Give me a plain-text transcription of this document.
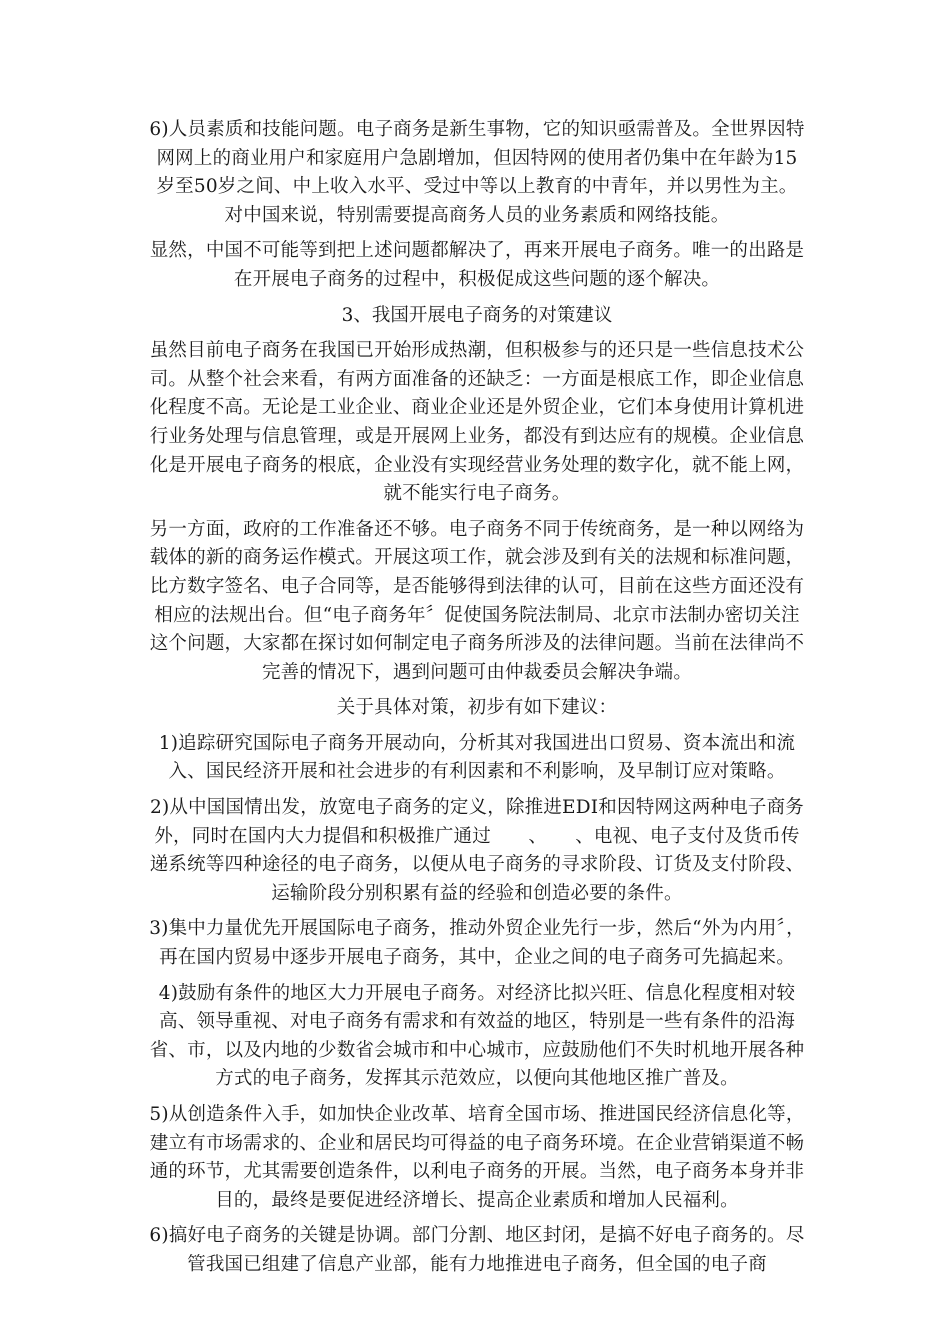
6)人员素质和技能问题。电子商务是新生事物，它的知识亟需普及。全世界因特网网上的商业用户和家庭用户急剧增加，但因特网的使用者仍集中在年龄为15岁至50岁之间、中上收入水平、受过中等以上教育的中青年，并以男性为主。对中国来说，特别需要提高商务人员的业务素质和网络技能。

显然，中国不可能等到把上述问题都解决了，再来开展电子商务。唯一的出路是在开展电子商务的过程中，积极促成这些问题的逐个解决。

3、我国开展电子商务的对策建议

虽然目前电子商务在我国已开始形成热潮，但积极参与的还只是一些信息技术公司。从整个社会来看，有两方面准备的还缺乏：一方面是根底工作，即企业信息化程度不高。无论是工业企业、商业企业还是外贸企业，它们本身使用计算机进行业务处理与信息管理，或是开展网上业务，都没有到达应有的规模。企业信息化是开展电子商务的根底，企业没有实现经营业务处理的数字化，就不能上网，就不能实行电子商务。

另一方面，政府的工作准备还不够。电子商务不同于传统商务，是一种以网络为载体的新的商务运作模式。开展这项工作，就会涉及到有关的法规和标准问题，比方数字签名、电子合同等，是否能够得到法律的认可，目前在这些方面还没有相应的法规出台。但“电子商务年〞促使国务院法制局、北京市法制办密切关注这个问题，大家都在探讨如何制定电子商务所涉及的法律问题。当前在法律尚不完善的情况下，遇到问题可由仲裁委员会解决争端。

关于具体对策，初步有如下建议：

1)追踪研究国际电子商务开展动向，分析其对我国进出口贸易、资本流出和流入、国民经济开展和社会进步的有利因素和不利影响，及早制订应对策略。

2)从中国国情出发，放宽电子商务的定义，除推进EDI和因特网这两种电子商务外，同时在国内大力提倡和积极推广通过　　、　　、电视、电子支付及货币传递系统等四种途径的电子商务，以便从电子商务的寻求阶段、订货及支付阶段、运输阶段分别积累有益的经验和创造必要的条件。

3)集中力量优先开展国际电子商务，推动外贸企业先行一步，然后“外为内用〞，再在国内贸易中逐步开展电子商务，其中，企业之间的电子商务可先搞起来。

4)鼓励有条件的地区大力开展电子商务。对经济比拟兴旺、信息化程度相对较高、领导重视、对电子商务有需求和有效益的地区，特别是一些有条件的沿海省、市，以及内地的少数省会城市和中心城市，应鼓励他们不失时机地开展各种方式的电子商务，发挥其示范效应，以便向其他地区推广普及。

5)从创造条件入手，如加快企业改革、培育全国市场、推进国民经济信息化等，建立有市场需求的、企业和居民均可得益的电子商务环境。在企业营销渠道不畅通的环节，尤其需要创造条件，以利电子商务的开展。当然，电子商务本身并非目的，最终是要促进经济增长、提高企业素质和增加人民福利。

6)搞好电子商务的关键是协调。部门分割、地区封闭，是搞不好电子商务的。尽管我国已组建了信息产业部，能有力地推进电子商务，但全国的电子商
